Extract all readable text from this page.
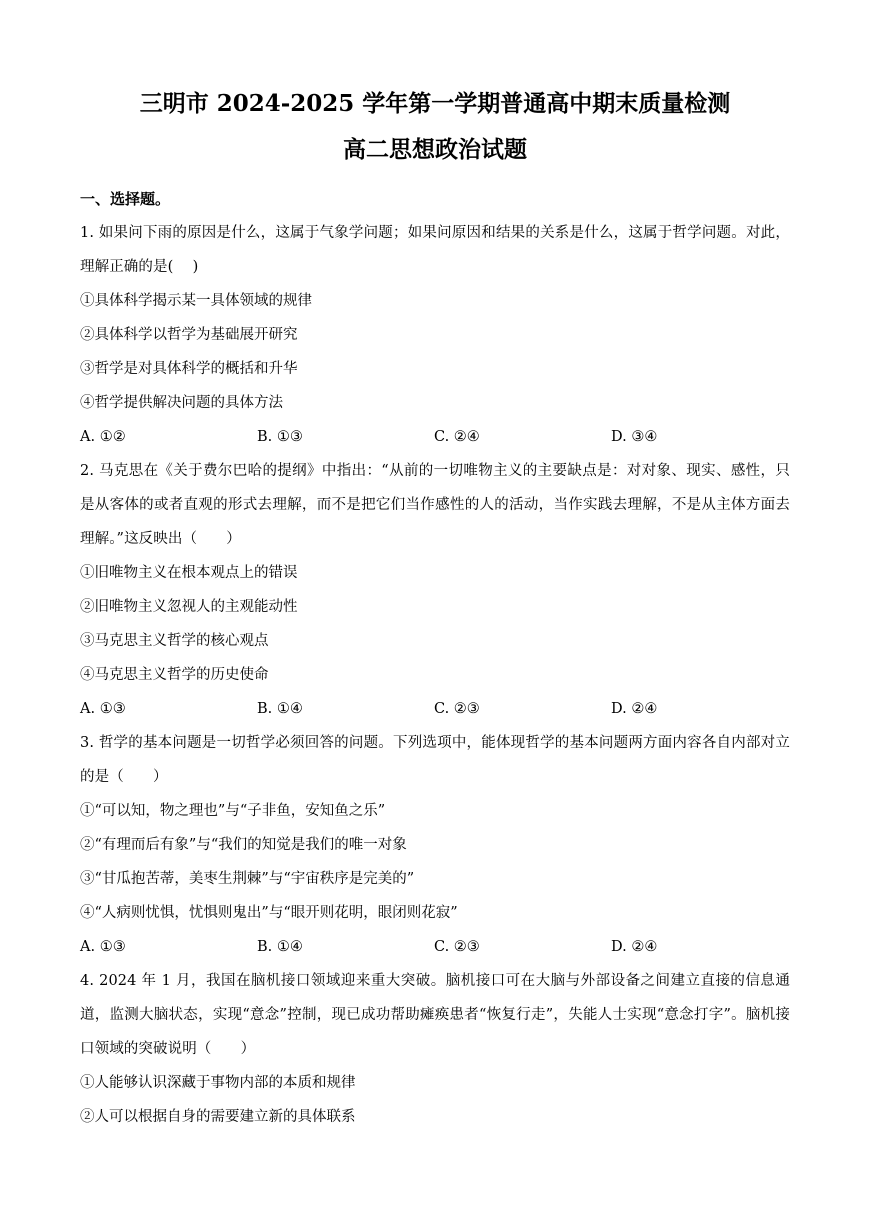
三明市 2024-2025 学年第一学期普通高中期末质量检测
高二思想政治试题
一、选择题。
1. 如果问下雨的原因是什么，这属于气象学问题；如果问原因和结果的关系是什么，这属于哲学问题。对此，理解正确的是(　 )
①具体科学揭示某一具体领域的规律
②具体科学以哲学为基础展开研究
③哲学是对具体科学的概括和升华
④哲学提供解决问题的具体方法
A. ①②	B. ①③	C. ②④	D. ③④
2. 马克思在《关于费尔巴哈的提纲》中指出：“从前的一切唯物主义的主要缺点是：对对象、现实、感性，只是从客体的或者直观的形式去理解，而不是把它们当作感性的人的活动，当作实践去理解，不是从主体方面去理解。”这反映出（　　）
①旧唯物主义在根本观点上的错误
②旧唯物主义忽视人的主观能动性
③马克思主义哲学的核心观点
④马克思主义哲学的历史使命
A. ①③	B. ①④	C. ②③	D. ②④
3. 哲学的基本问题是一切哲学必须回答的问题。下列选项中，能体现哲学的基本问题两方面内容各自内部对立的是（　　）
①“可以知，物之理也”与“子非鱼，安知鱼之乐”
②“有理而后有象”与“我们的知觉是我们的唯一对象
③“甘瓜抱苦蒂，美枣生荆棘”与“宇宙秩序是完美的”
④“人病则忧惧，忧惧则鬼出”与“眼开则花明，眼闭则花寂”
A. ①③	B. ①④	C. ②③	D. ②④
4. 2024 年 1 月，我国在脑机接口领域迎来重大突破。脑机接口可在大脑与外部设备之间建立直接的信息通道，监测大脑状态，实现“意念”控制，现已成功帮助瘫痪患者“恢复行走”，失能人士实现“意念打字”。脑机接口领域的突破说明（　　）
①人能够认识深藏于事物内部的本质和规律
②人可以根据自身的需要建立新的具体联系
